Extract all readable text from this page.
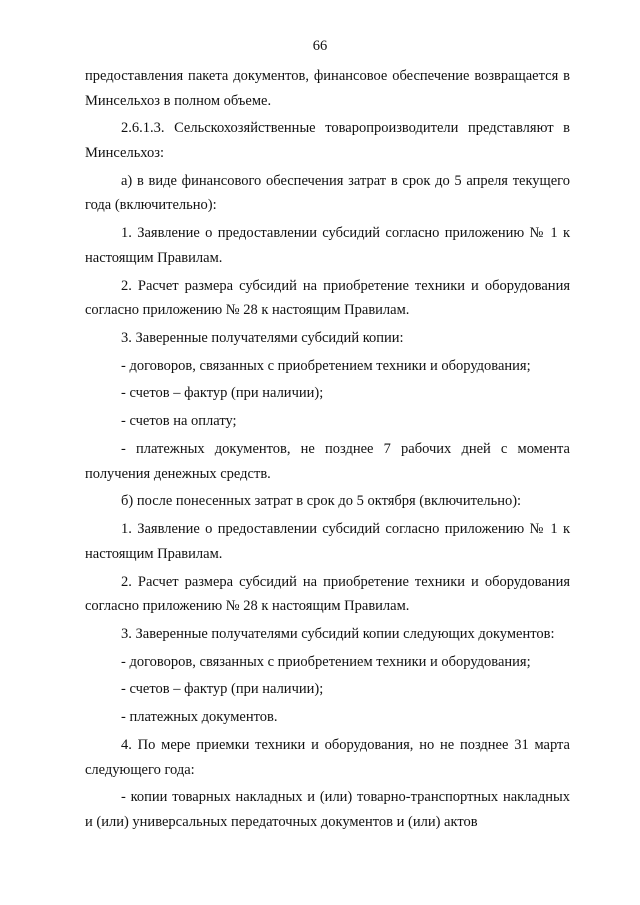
66

предоставления пакета документов, финансовое обеспечение возвращается в Минсельхоз в полном объеме.

2.6.1.3. Сельскохозяйственные товаропроизводители представляют в Минсельхоз:

а) в виде финансового обеспечения затрат в срок до 5 апреля текущего года (включительно):

1. Заявление о предоставлении субсидий согласно приложению № 1 к настоящим Правилам.

2. Расчет размера субсидий на приобретение техники и оборудования согласно приложению № 28 к настоящим Правилам.

3. Заверенные получателями субсидий копии:

- договоров, связанных с приобретением техники и оборудования;

- счетов – фактур (при наличии);

- счетов на оплату;

- платежных документов, не позднее 7 рабочих дней с момента получения денежных средств.

б) после понесенных затрат в срок до 5 октября (включительно):

1. Заявление о предоставлении субсидий согласно приложению № 1 к настоящим Правилам.

2. Расчет размера субсидий на приобретение техники и оборудования согласно приложению № 28 к настоящим Правилам.

3. Заверенные получателями субсидий копии следующих документов:

- договоров, связанных с приобретением техники и оборудования;

- счетов – фактур (при наличии);

- платежных документов.

4. По мере приемки техники и оборудования, но не позднее 31 марта следующего года:

- копии товарных накладных и (или) товарно-транспортных накладных и (или) универсальных передаточных документов и (или) актов
